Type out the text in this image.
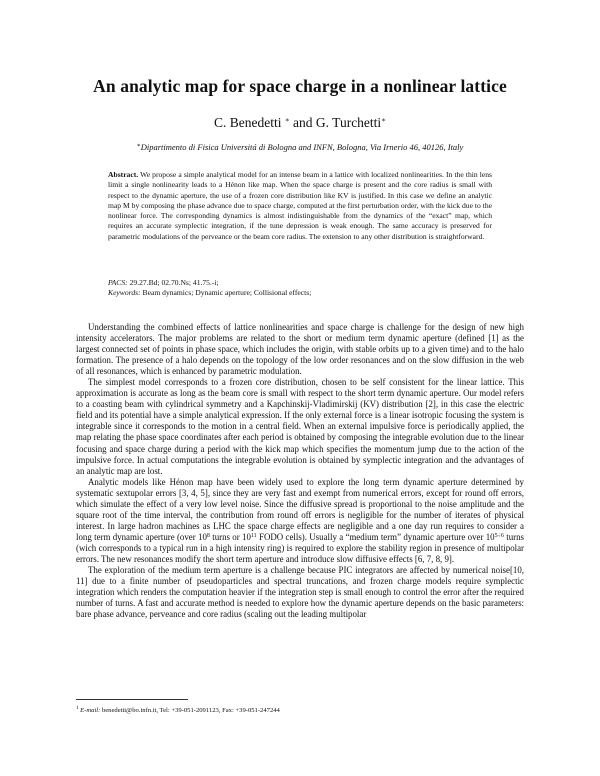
An analytic map for space charge in a nonlinear lattice
C. Benedetti ∗ and G. Turchetti∗
∗Dipartimento di Fisica Universitá di Bologna and INFN, Bologna, Via Irnerio 46, 40126, Italy
Abstract. We propose a simple analytical model for an intense beam in a lattice with localized nonlinearities. In the thin lens limit a single nonlinearity leads to a Hénon like map. When the space charge is present and the core radius is small with respect to the dynamic aperture, the use of a frozen core distribution like KV is justified. In this case we define an analytic map M by composing the phase advance due to space charge, computed at the first perturbation order, with the kick due to the nonlinear force. The corresponding dynamics is almost indistinguishable from the dynamics of the “exact” map, which requires an accurate symplectic integration, if the tune depression is weak enough. The same accuracy is preserved for parametric modulations of the perveance or the beam core radius. The extension to any other distribution is straightforward.
PACS: 29.27.Bd; 02.70.Ns; 41.75.-i;
Keywords: Beam dynamics; Dynamic aperture; Collisional effects;

Understanding the combined effects of lattice nonlinearities and space charge is challenge for the design of new high intensity accelerators. The major problems are related to the short or medium term dynamic aperture (defined [1] as the largest connected set of points in phase space, which includes the origin, with stable orbits up to a given time) and to the halo formation. The presence of a halo depends on the topology of the low order resonances and on the slow diffusion in the web of all resonances, which is enhanced by parametric modulation.

The simplest model corresponds to a frozen core distribution, chosen to be self consistent for the linear lattice. This approximation is accurate as long as the beam core is small with respect to the short term dynamic aperture. Our model refers to a coasting beam with cylindrical symmetry and a Kapchinskij-Vladimirskij (KV) distribution [2], in this case the electric field and its potential have a simple analytical expression. If the only external force is a linear isotropic focusing the system is integrable since it corresponds to the motion in a central field. When an external impulsive force is periodically applied, the map relating the phase space coordinates after each period is obtained by composing the integrable evolution due to the linear focusing and space charge during a period with the kick map which specifies the momentum jump due to the action of the impulsive force. In actual computations the integrable evolution is obtained by symplectic integration and the advantages of an analytic map are lost.

Analytic models like Hénon map have been widely used to explore the long term dynamic aperture determined by systematic sextupolar errors [3, 4, 5], since they are very fast and exempt from numerical errors, except for round off errors, which simulate the effect of a very low level noise. Since the diffusive spread is proportional to the noise amplitude and the square root of the time interval, the contribution from round off errors is negligible for the number of iterates of physical interest. In large hadron machines as LHC the space charge effects are negligible and a one day run requires to consider a long term dynamic aperture (over $10^8$ turns or $10^{11}$ FODO cells). Usually a “medium term” dynamic aperture over $10^{5\div 6}$ turns (wich corresponds to a typical run in a high intensity ring) is required to explore the stability region in presence of multipolar errors. The new resonances modify the short term aperture and introduce slow diffusive effects [6, 7, 8, 9].

The exploration of the medium term aperture is a challenge because PIC integrators are affected by numerical noise[10, 11] due to a finite number of pseudoparticles and spectral truncations, and frozen charge models require symplectic integration which renders the computation heavier if the integration step is small enough to control the error after the required number of turns. A fast and accurate method is needed to explore how the dynamic aperture depends on the basic parameters: bare phase advance, perveance and core radius (scaling out the leading multipolar

$^1$ E-mail: benedetti@bo.infn.it, Tel: +39-051-2091123, Fax: +39-051-247244
